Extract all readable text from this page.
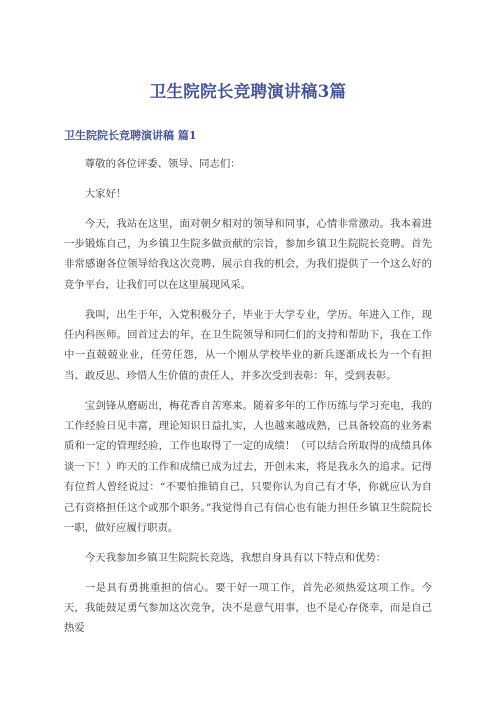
卫生院院长竞聘演讲稿3篇
卫生院院长竞聘演讲稿 篇1

尊敬的各位评委、领导、同志们：

大家好！

今天，我站在这里，面对朝夕相对的领导和同事，心情非常激动。我本着进一步锻炼自己，为乡镇卫生院多做贡献的宗旨，参加乡镇卫生院院长竞聘。首先非常感谢各位领导给我这次竞聘、展示自我的机会，为我们提供了一个这么好的竞争平台，让我们可以在这里展现风采。

我叫，出生于年，入党积极分子，毕业于大学专业，学历。年进入工作，现任内科医师。回首过去的年，在卫生院领导和同仁们的支持和帮助下，我在工作中一直兢兢业业，任劳任怨，从一个刚从学校毕业的新兵逐渐成长为一个有担当、敢反思、珍惜人生价值的责任人，并多次受到表彰：年，受到表彰。

宝剑锋从磨砺出，梅花香自苦寒来。随着多年的工作历练与学习充电，我的工作经验日见丰富，理论知识日益扎实，人也越来越成熟，已具备较高的业务素质和一定的管理经验，工作也取得了一定的成绩！（可以结合所取得的成绩具体谈一下！）昨天的工作和成绩已成为过去，开创未来，将是我永久的追求。记得有位哲人曾经说过：“不要怕推销自己，只要你认为自己有才华，你就应认为自己有资格担任这个或那个职务。”我觉得自己有信心也有能力担任乡镇卫生院院长一职，做好应履行职责。

今天我参加乡镇卫生院院长竞选，我想自身具有以下特点和优势：

一是具有勇挑重担的信心。要干好一项工作，首先必须热爱这项工作。今天，我能鼓足勇气参加这次竞争，决不是意气用事，也不是心存侥幸，而是自己热爱
